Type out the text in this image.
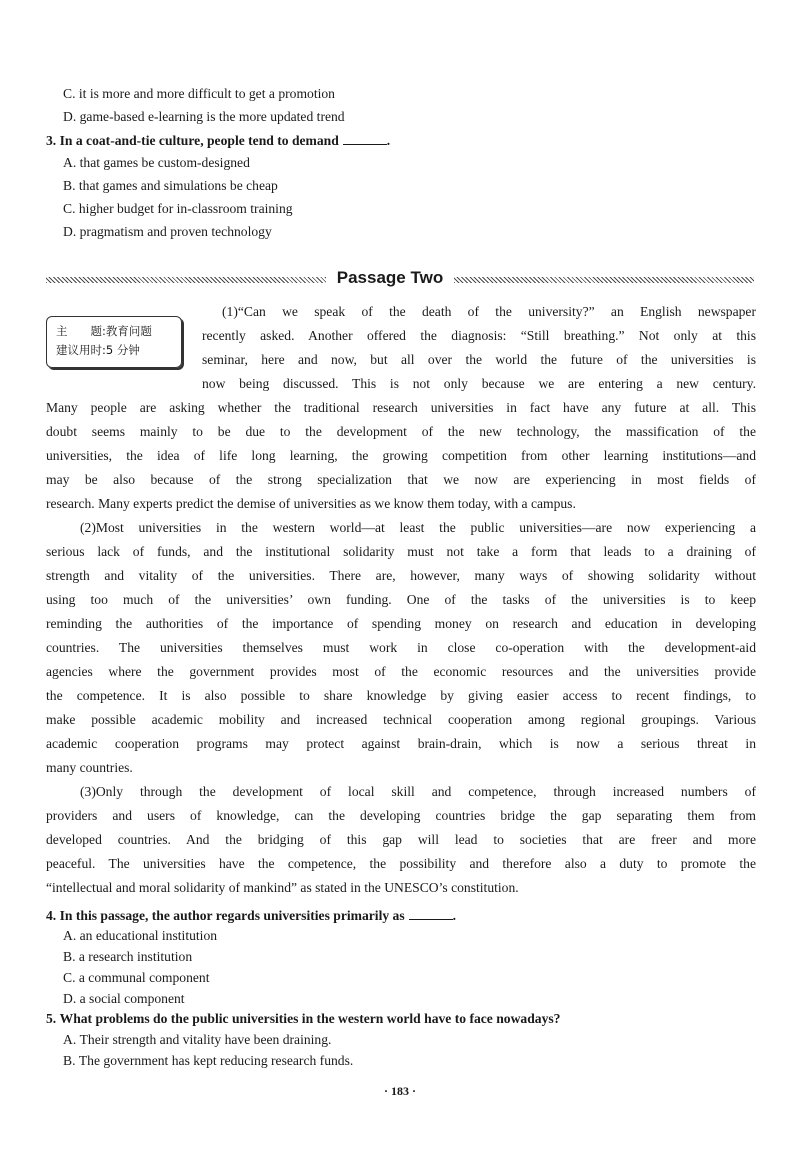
C. it is more and more difficult to get a promotion
D. game-based e-learning is the more updated trend
3. In a coat-and-tie culture, people tend to demand	.
A. that games be custom-designed
B. that games and simulations be cheap
C. higher budget for in-classroom training
D. pragmatism and proven technology
Passage Two
主　　题:教育问题
建议用时:5 分钟
(1)“Can we speak of the death of the university?” an English newspaper
recently asked. Another offered the diagnosis: “Still breathing.” Not only at this
seminar, here and now, but all over the world the future of the universities is
now being discussed. This is not only because we are entering a new century.
Many people are asking whether the traditional research universities in fact have any future at all. This
doubt seems mainly to be due to the development of the new technology, the massification of the
universities, the idea of life long learning, the growing competition from other learning institutions—and
may be also because of the strong specialization that we now are experiencing in most fields of
research. Many experts predict the demise of universities as we know them today, with a campus.
(2)Most universities in the western world—at least the public universities—are now experiencing a
serious lack of funds, and the institutional solidarity must not take a form that leads to a draining of
strength and vitality of the universities. There are, however, many ways of showing solidarity without
using too much of the universities’ own funding. One of the tasks of the universities is to keep
reminding the authorities of the importance of spending money on research and education in developing
countries. The universities themselves must work in close co-operation with the development-aid
agencies where the government provides most of the economic resources and the universities provide
the competence. It is also possible to share knowledge by giving easier access to recent findings, to
make possible academic mobility and increased technical cooperation among regional groupings. Various
academic cooperation programs may protect against brain-drain, which is now a serious threat in
many countries.
(3)Only through the development of local skill and competence, through increased numbers of
providers and users of knowledge, can the developing countries bridge the gap separating them from
developed countries. And the bridging of this gap will lead to societies that are freer and more
peaceful. The universities have the competence, the possibility and therefore also a duty to promote the
“intellectual and moral solidarity of mankind” as stated in the UNESCO’s constitution.
4. In this passage, the author regards universities primarily as	.
A. an educational institution
B. a research institution
C. a communal component
D. a social component
5. What problems do the public universities in the western world have to face nowadays?
A. Their strength and vitality have been draining.
B. The government has kept reducing research funds.
· 183 ·
